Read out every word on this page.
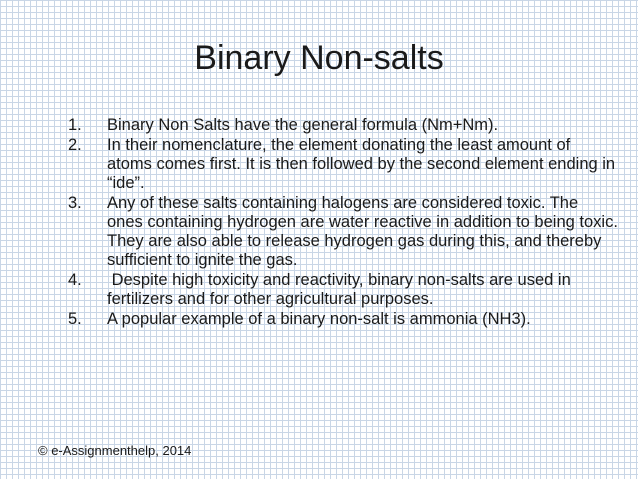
Binary Non-salts
1.	Binary Non Salts have the general formula (Nm+Nm).
2.	In their nomenclature, the element donating the least amount of atoms comes first. It is then followed by the second element ending in “ide”.
3.	Any of these salts containing halogens are considered toxic. The ones containing hydrogen are water reactive in addition to being toxic. They are also able to release hydrogen gas during this, and thereby sufficient to ignite the gas.
4.	Despite high toxicity and reactivity, binary non-salts are used in fertilizers and for other agricultural purposes.
5.	A popular example of a binary non-salt is ammonia (NH3).
© e-Assignmenthelp, 2014
